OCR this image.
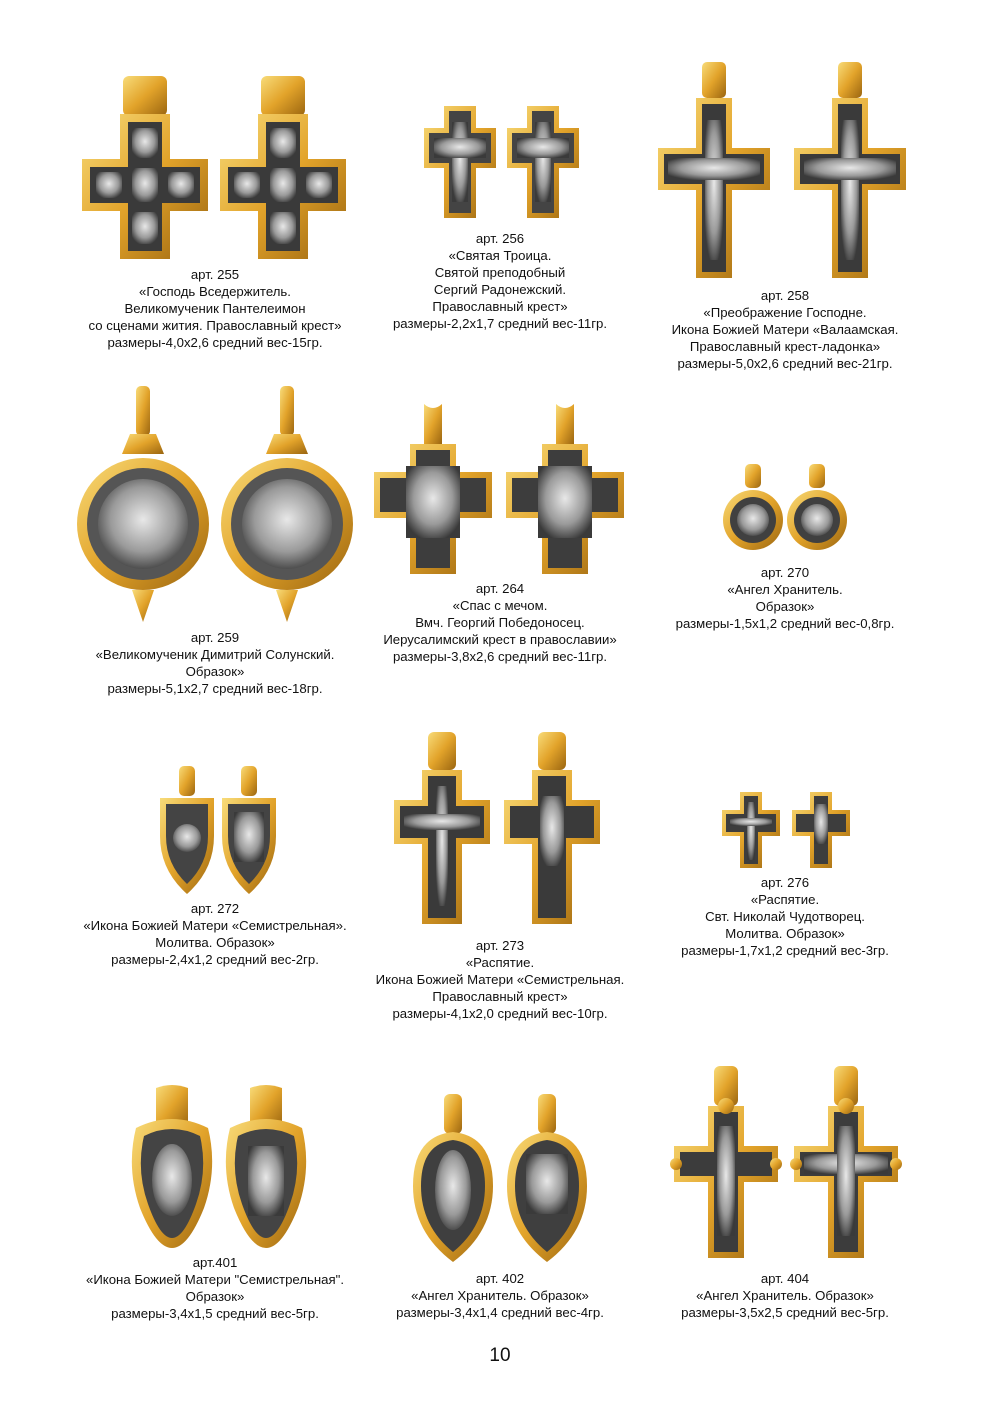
арт. 255
«Господь Вседержитель.
Великомученик Пантелеимон
со сценами жития. Православный крест»
размеры-4,0х2,6 средний вес-15гр.
арт. 256
«Святая Троица.
Святой преподобный
Сергий Радонежский.
Православный крест»
размеры-2,2х1,7 средний вес-11гр.
арт. 258
«Преображение Господне.
Икона Божией Матери «Валаамская.
Православный крест-ладонка»
размеры-5,0х2,6 средний вес-21гр.
арт. 259
«Великомученик Димитрий Солунский.
Образок»
размеры-5,1х2,7 средний вес-18гр.
арт. 264
«Спас с мечом.
Вмч. Георгий Победоносец.
Иерусалимский крест в православии»
размеры-3,8х2,6 средний вес-11гр.
арт. 270
«Ангел Хранитель.
Образок»
размеры-1,5х1,2 средний вес-0,8гр.
арт. 272
«Икона Божией Матери «Семистрельная».
Молитва. Образок»
размеры-2,4х1,2 средний вес-2гр.
арт. 273
«Распятие.
Икона Божией Матери «Семистрельная.
Православный крест»
размеры-4,1х2,0 средний вес-10гр.
арт. 276
«Распятие.
Свт. Николай Чудотворец.
Молитва. Образок»
размеры-1,7х1,2 средний вес-3гр.
арт.401
«Икона Божией Матери "Семистрельная".
Образок»
размеры-3,4х1,5 средний вес-5гр.
арт. 402
«Ангел Хранитель. Образок»
размеры-3,4х1,4 средний вес-4гр.
арт. 404
«Ангел Хранитель. Образок»
размеры-3,5х2,5 средний вес-5гр.
10
